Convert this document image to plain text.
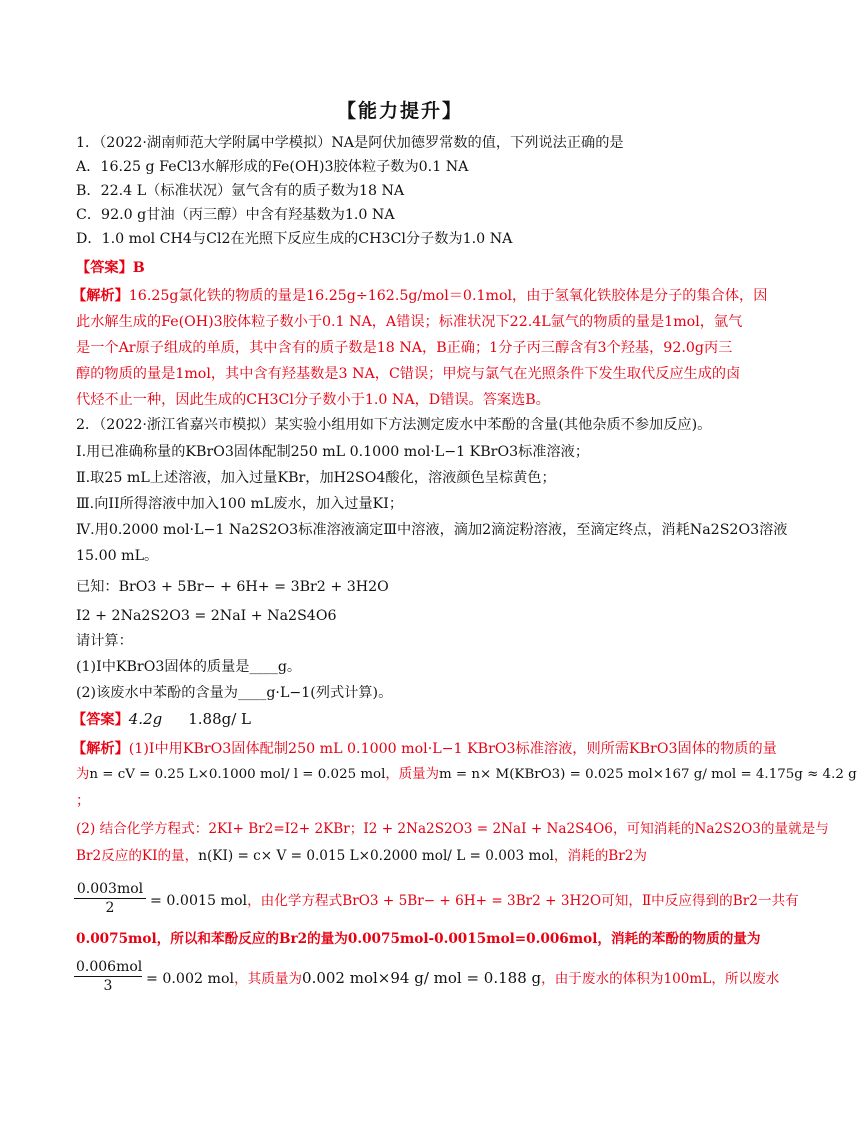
【能力提升】
1．（2022·湖南师范大学附属中学模拟）NA是阿伏加德罗常数的值，下列说法正确的是
A．16.25 g FeCl3水解形成的Fe(OH)3胶体粒子数为0.1 NA
B．22.4 L（标准状况）氩气含有的质子数为18 NA
C．92.0 g甘油（丙三醇）中含有羟基数为1.0 NA
D．1.0 mol CH4与Cl2在光照下反应生成的CH3Cl分子数为1.0 NA
【答案】B
【解析】16.25g氯化铁的物质的量是16.25g÷162.5g/mol＝0.1mol，由于氢氧化铁胶体是分子的集合体，因
此水解生成的Fe(OH)3胶体粒子数小于0.1 NA，A错误；标准状况下22.4L氩气的物质的量是1mol，氩气
是一个Ar原子组成的单质，其中含有的质子数是18 NA，B正确；1分子丙三醇含有3个羟基，92.0g丙三
醇的物质的量是1mol，其中含有羟基数是3 NA，C错误；甲烷与氯气在光照条件下发生取代反应生成的卤
代烃不止一种，因此生成的CH3Cl分子数小于1.0 NA，D错误。答案选B。
2．（2022·浙江省嘉兴市模拟）某实验小组用如下方法测定废水中苯酚的含量(其他杂质不参加反应)。
Ⅰ.用已准确称量的KBrO3固体配制250 mL 0.1000 mol·L−1 KBrO3标准溶液；
Ⅱ.取25 mL上述溶液，加入过量KBr，加H2SO4酸化，溶液颜色呈棕黄色；
Ⅲ.向II所得溶液中加入100 mL废水，加入过量KI；
Ⅳ.用0.2000 mol·L−1 Na2S2O3标准溶液滴定Ⅲ中溶液，滴加2滴淀粉溶液，至滴定终点，消耗Na2S2O3溶液
15.00 mL。
已知：BrO3 + 5Br− + 6H+ = 3Br2 + 3H2O
I2 + 2Na2S2O3 = 2NaI + Na2S4O6
请计算：
(1)Ⅰ中KBrO3固体的质量是____g。
(2)该废水中苯酚的含量为____g·L−1(列式计算)。
【答案】4.2g 1.88g/ L
【解析】(1)Ⅰ中用KBrO3固体配制250 mL 0.1000 mol·L−1 KBrO3标准溶液，则所需KBrO3固体的物质的量
为n = cV = 0.25 L×0.1000 mol/ l = 0.025 mol，质量为m = n× M(KBrO3) = 0.025 mol×167 g/ mol = 4.175g ≈ 4.2 g
；
(2) 结合化学方程式：2KI+ Br2=I2+ 2KBr；I2 + 2Na2S2O3 = 2NaI + Na2S4O6，可知消耗的Na2S2O3的量就是与
Br2反应的KI的量，n(KI) = c× V = 0.015 L×0.2000 mol/ L = 0.003 mol，消耗的Br2为
0.003mol
2	= 0.0015 mol，由化学方程式BrO3 + 5Br− + 6H+ = 3Br2 + 3H2O可知，Ⅱ中反应得到的Br2一共有
0.0075mol，所以和苯酚反应的Br2的量为0.0075mol-0.0015mol=0.006mol，消耗的苯酚的物质的量为
0.006mol
3	= 0.002 mol，其质量为0.002 mol×94 g/ mol = 0.188 g，由于废水的体积为100mL，所以废水
